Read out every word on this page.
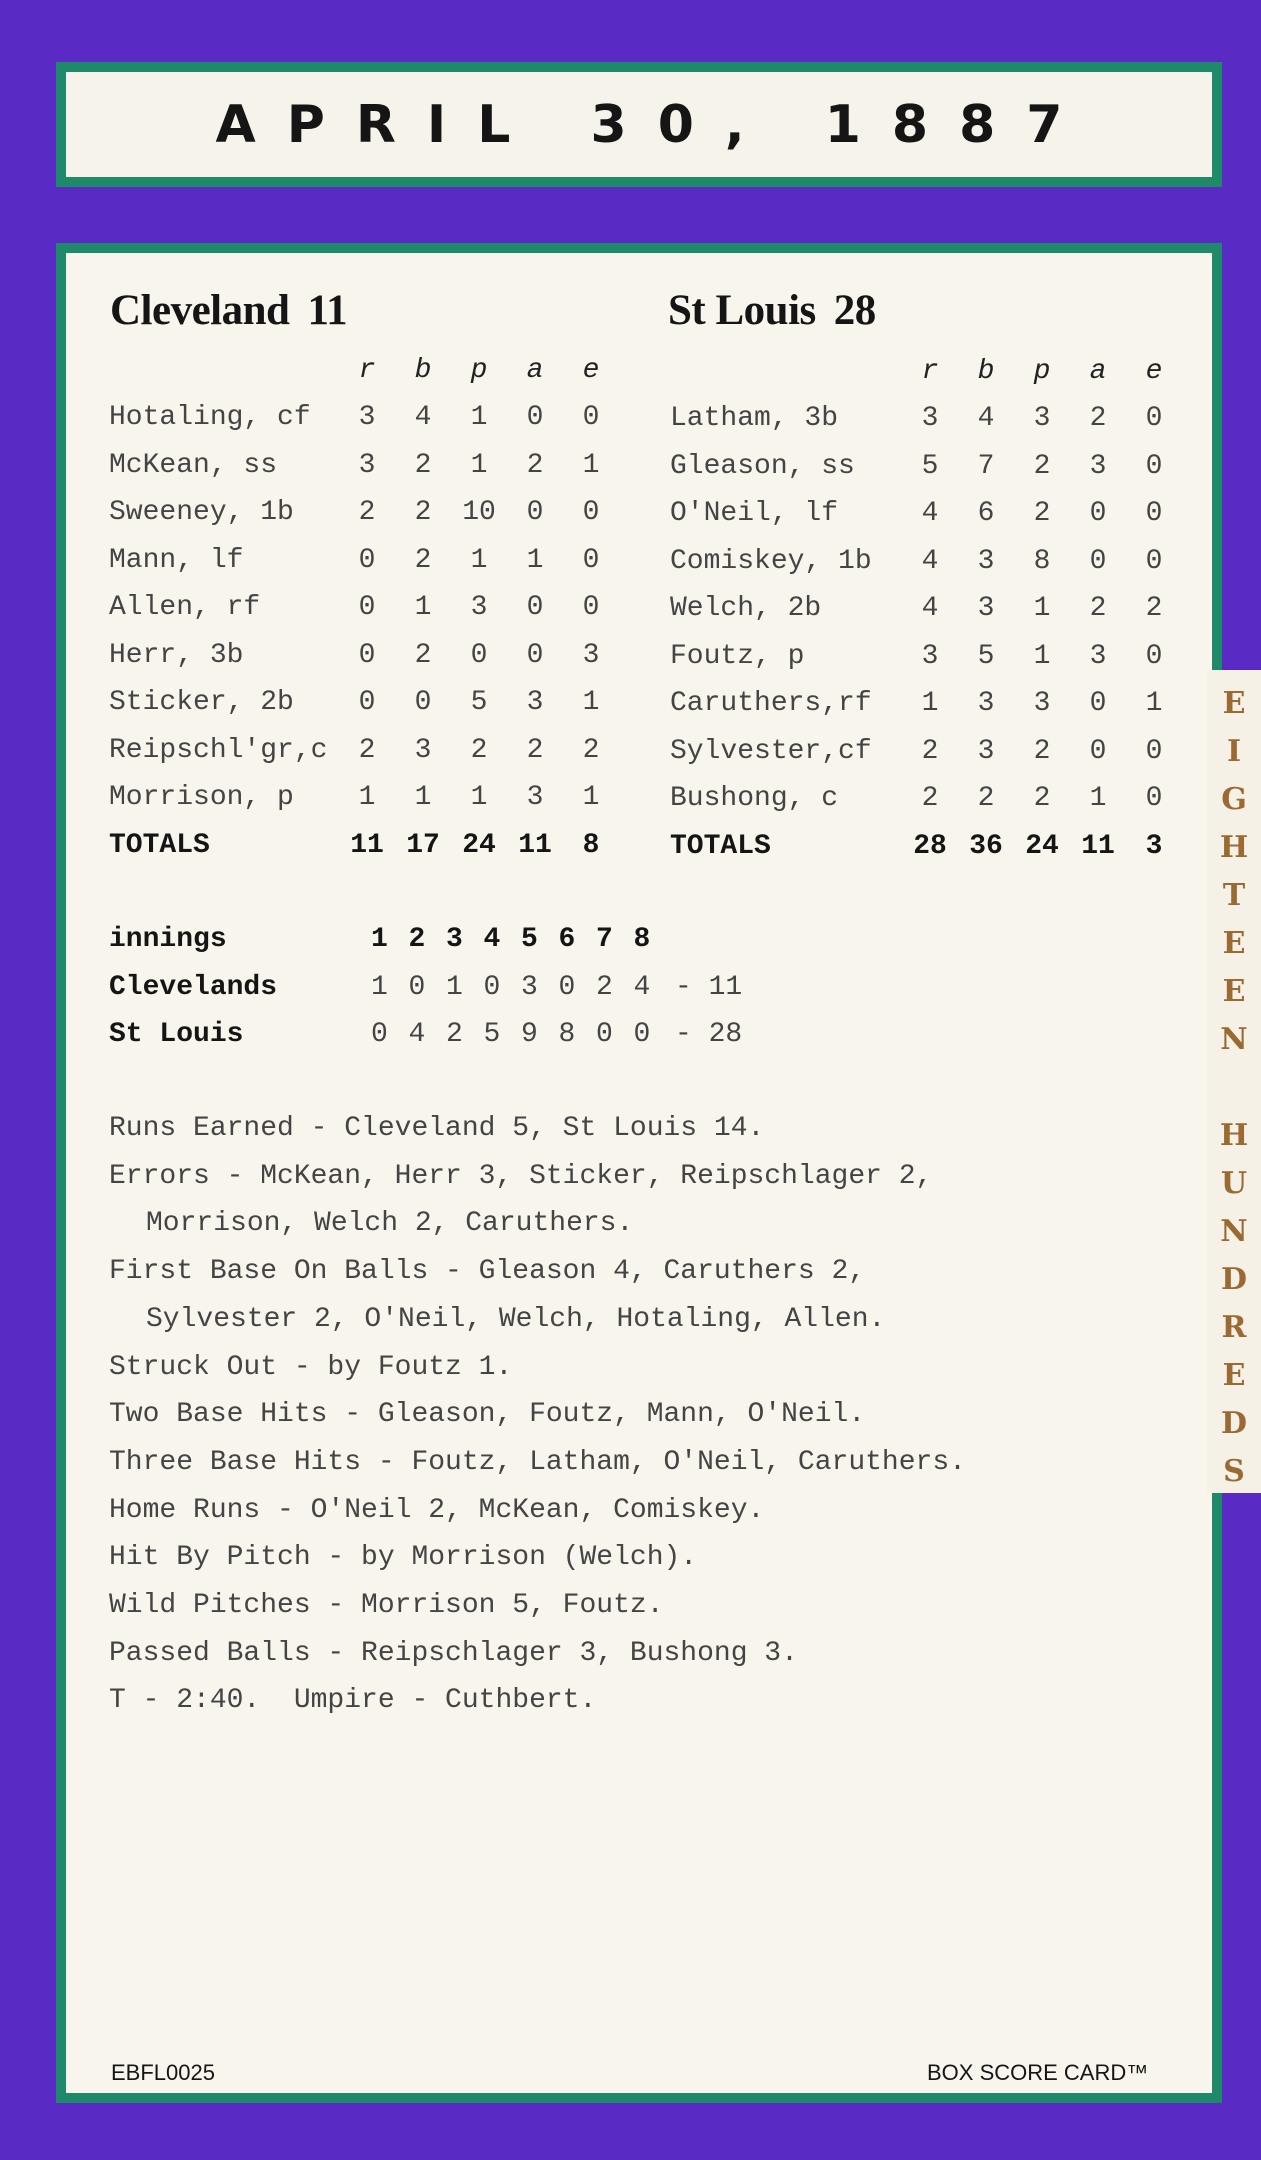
APRIL 30, 1887
E
I
G
H
T
E
E
N
H
U
N
D
R
E
D
S
Cleveland 11	St Louis 28
	r	b	p	a	e
Hotaling, cf	3	4	1	0	0
McKean, ss	3	2	1	2	1
Sweeney, 1b	2	2	10	0	0
Mann, lf	0	2	1	1	0
Allen, rf	0	1	3	0	0
Herr, 3b	0	2	0	0	3
Sticker, 2b	0	0	5	3	1
Reipschl'gr,c	2	3	2	2	2
Morrison, p	1	1	1	3	1
TOTALS	11	17	24	11	8
	r	b	p	a	e
Latham, 3b	3	4	3	2	0
Gleason, ss	5	7	2	3	0
O'Neil, lf	4	6	2	0	0
Comiskey, 1b	4	3	8	0	0
Welch, 2b	4	3	1	2	2
Foutz, p	3	5	1	3	0
Caruthers,rf	1	3	3	0	1
Sylvester,cf	2	3	2	0	0
Bushong, c	2	2	2	1	0
TOTALS	28	36	24	11	3
innings	1	2	3	4	5	6	7	8	
Clevelands	1	0	1	0	3	0	2	4	- 11
St Louis	0	4	2	5	9	8	0	0	- 28
Runs Earned - Cleveland 5, St Louis 14.
Errors - McKean, Herr 3, Sticker, Reipschlager 2,
Morrison, Welch 2, Caruthers.
First Base On Balls - Gleason 4, Caruthers 2,
Sylvester 2, O'Neil, Welch, Hotaling, Allen.
Struck Out - by Foutz 1.
Two Base Hits - Gleason, Foutz, Mann, O'Neil.
Three Base Hits - Foutz, Latham, O'Neil, Caruthers.
Home Runs - O'Neil 2, McKean, Comiskey.
Hit By Pitch - by Morrison (Welch).
Wild Pitches - Morrison 5, Foutz.
Passed Balls - Reipschlager 3, Bushong 3.
T - 2:40.  Umpire - Cuthbert.
EBFL0025	BOX SCORE CARD™
